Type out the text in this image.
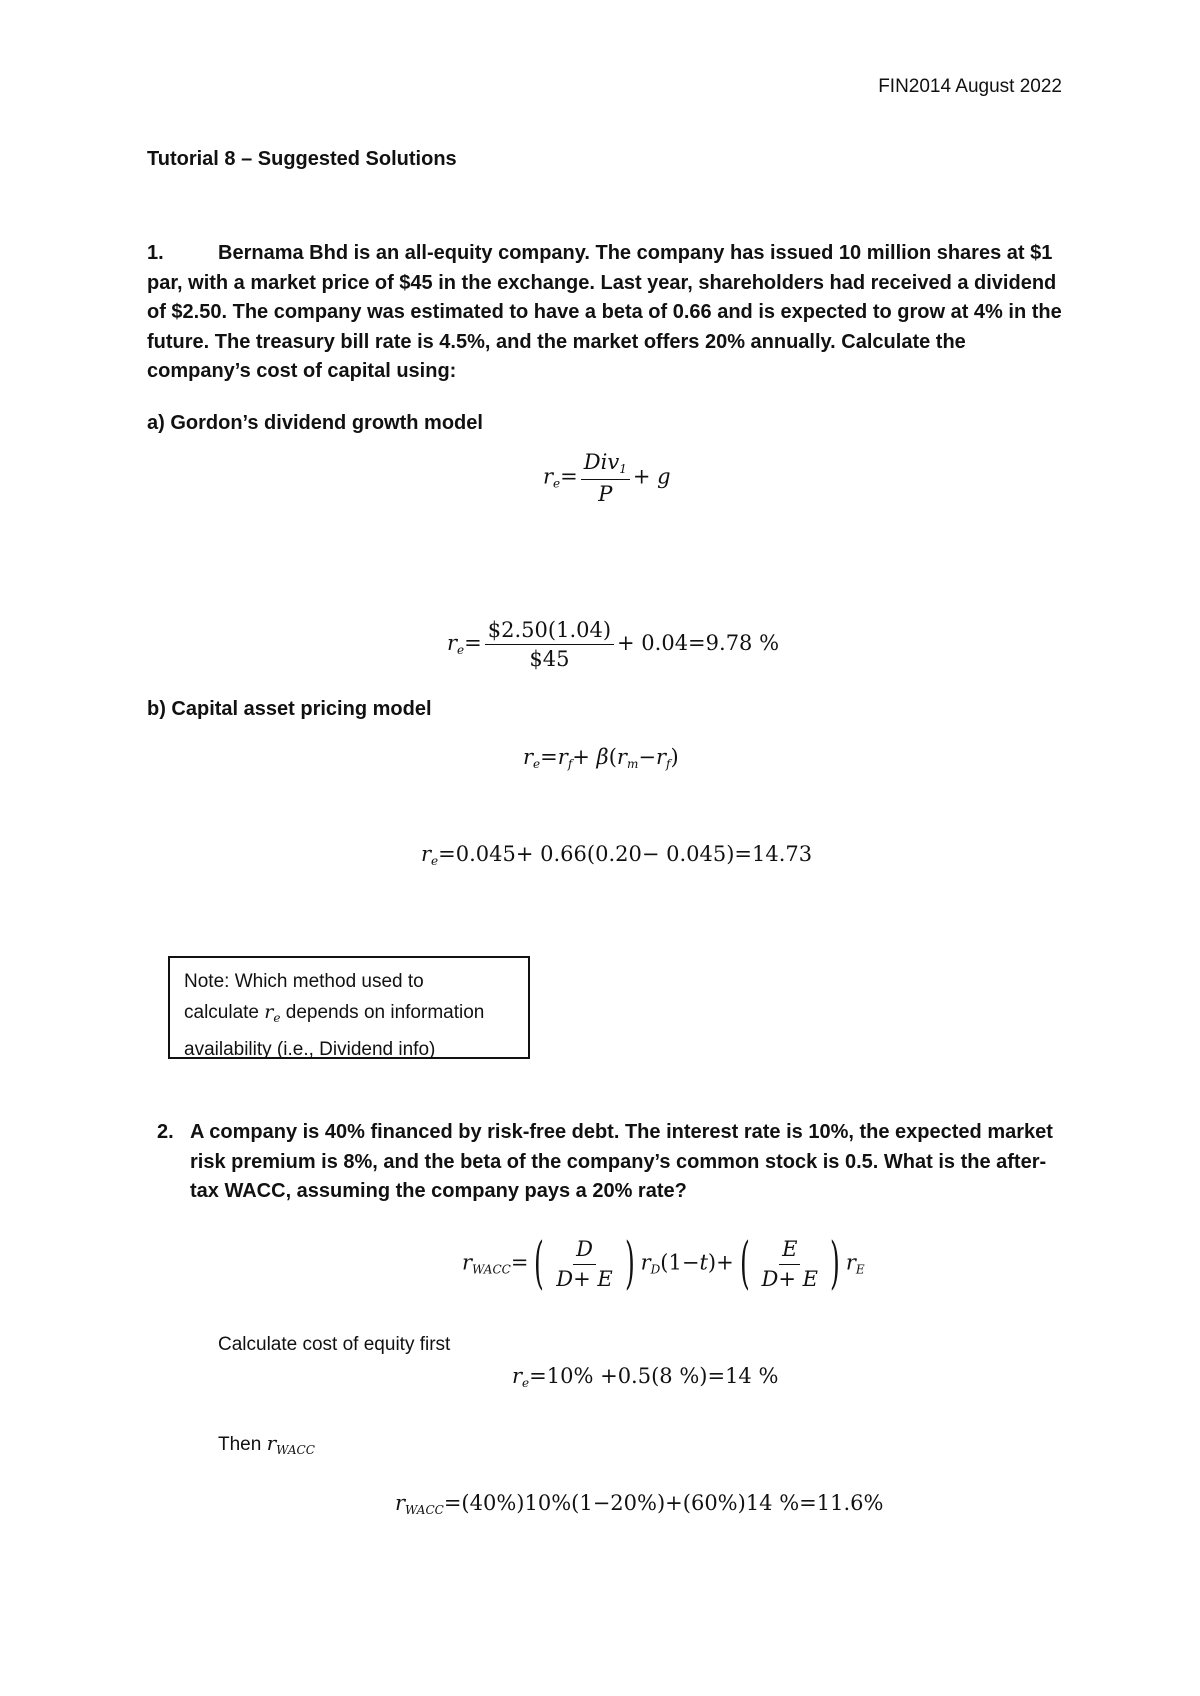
FIN2014 August 2022
Tutorial 8 – Suggested Solutions
1.	Bernama Bhd is an all-equity company. The company has issued 10 million shares at $1 par, with a market price of $45 in the exchange. Last year, shareholders had received a dividend of $2.50. The company was estimated to have a beta of 0.66 and is expected to grow at 4% in the future. The treasury bill rate is 4.5%, and the market offers 20% annually. Calculate the company’s cost of capital using:
a) Gordon’s dividend growth model
$re= \frac{\text{Div1}}{P} + g$
$re= \frac{\$2.50(1.04)}{\$45} + 0.04=9.78$ %
b) Capital asset pricing model
re=rf+ β(rm−rf)
re=0.045+ 0.66(0.20− 0.045)=14.73
Note: Which method used to
calculate $r_e$ depends on information
availability (i.e., Dividend info)
2. A company is 40% financed by risk-free debt. The interest rate is 10%, the expected market risk premium is 8%, and the beta of the company’s common stock is 0.5. What is the after-tax WACC, assuming the company pays a 20% rate?
rWACC= ( $\frac{D}{D+ E}$ ) rD(1−t)+ ( $\frac{E}{D+ E}$ ) rE
Calculate cost of equity first
re=10% +0.5(8 %)=14 %
Then $r_{WACC}$
rWACC=(40%)10%(1−20%)+(60%)14 %=11.6%
